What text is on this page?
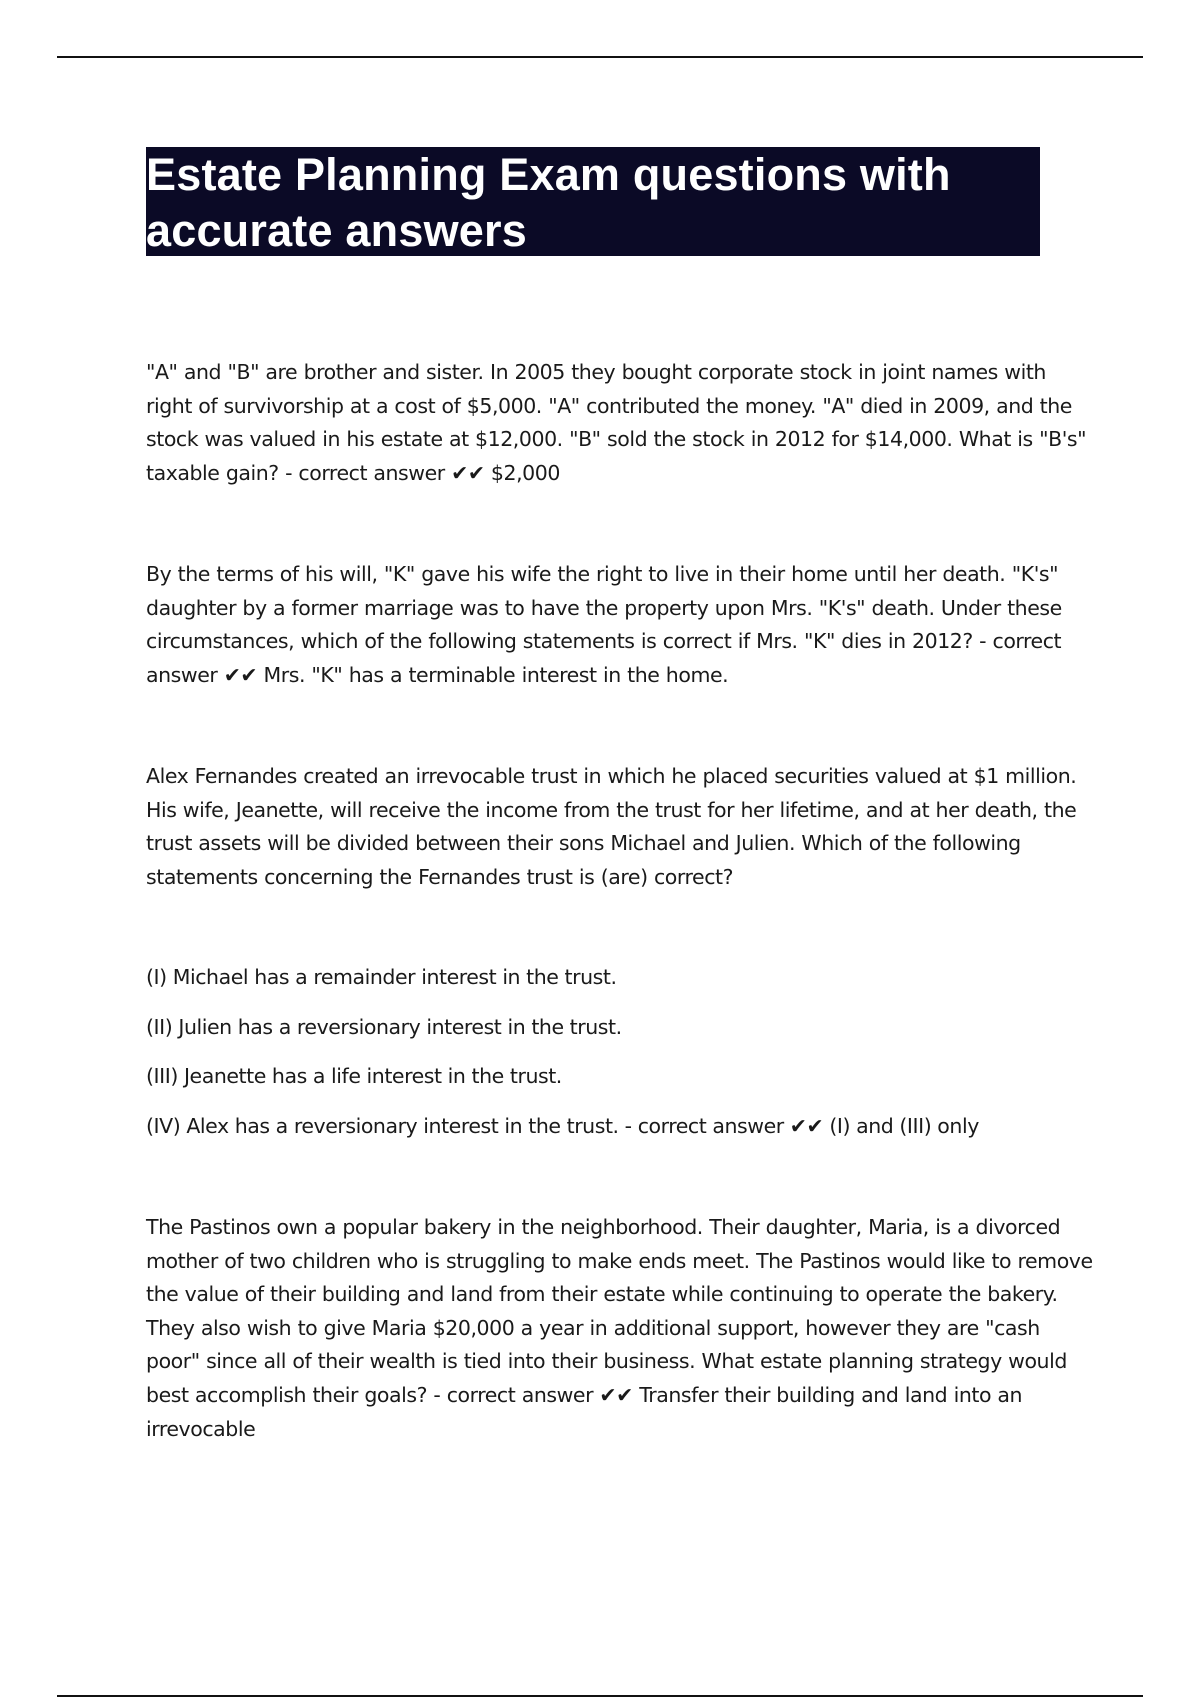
Estate Planning Exam questions with accurate answers

"A" and "B" are brother and sister. In 2005 they bought corporate stock in joint names with right of survivorship at a cost of $5,000. "A" contributed the money. "A" died in 2009, and the stock was valued in his estate at $12,000. "B" sold the stock in 2012 for $14,000. What is "B's" taxable gain? - correct answer ✔✔ $2,000

By the terms of his will, "K" gave his wife the right to live in their home until her death. "K's" daughter by a former marriage was to have the property upon Mrs. "K's" death. Under these circumstances, which of the following statements is correct if Mrs. "K" dies in 2012? - correct answer ✔✔ Mrs. "K" has a terminable interest in the home.

Alex Fernandes created an irrevocable trust in which he placed securities valued at $1 million. His wife, Jeanette, will receive the income from the trust for her lifetime, and at her death, the trust assets will be divided between their sons Michael and Julien. Which of the following statements concerning the Fernandes trust is (are) correct?

(I) Michael has a remainder interest in the trust.
(II) Julien has a reversionary interest in the trust.
(III) Jeanette has a life interest in the trust.
(IV) Alex has a reversionary interest in the trust. - correct answer ✔✔ (I) and (III) only

The Pastinos own a popular bakery in the neighborhood. Their daughter, Maria, is a divorced mother of two children who is struggling to make ends meet. The Pastinos would like to remove the value of their building and land from their estate while continuing to operate the bakery. They also wish to give Maria $20,000 a year in additional support, however they are "cash poor" since all of their wealth is tied into their business. What estate planning strategy would best accomplish their goals? - correct answer ✔✔ Transfer their building and land into an irrevocable
